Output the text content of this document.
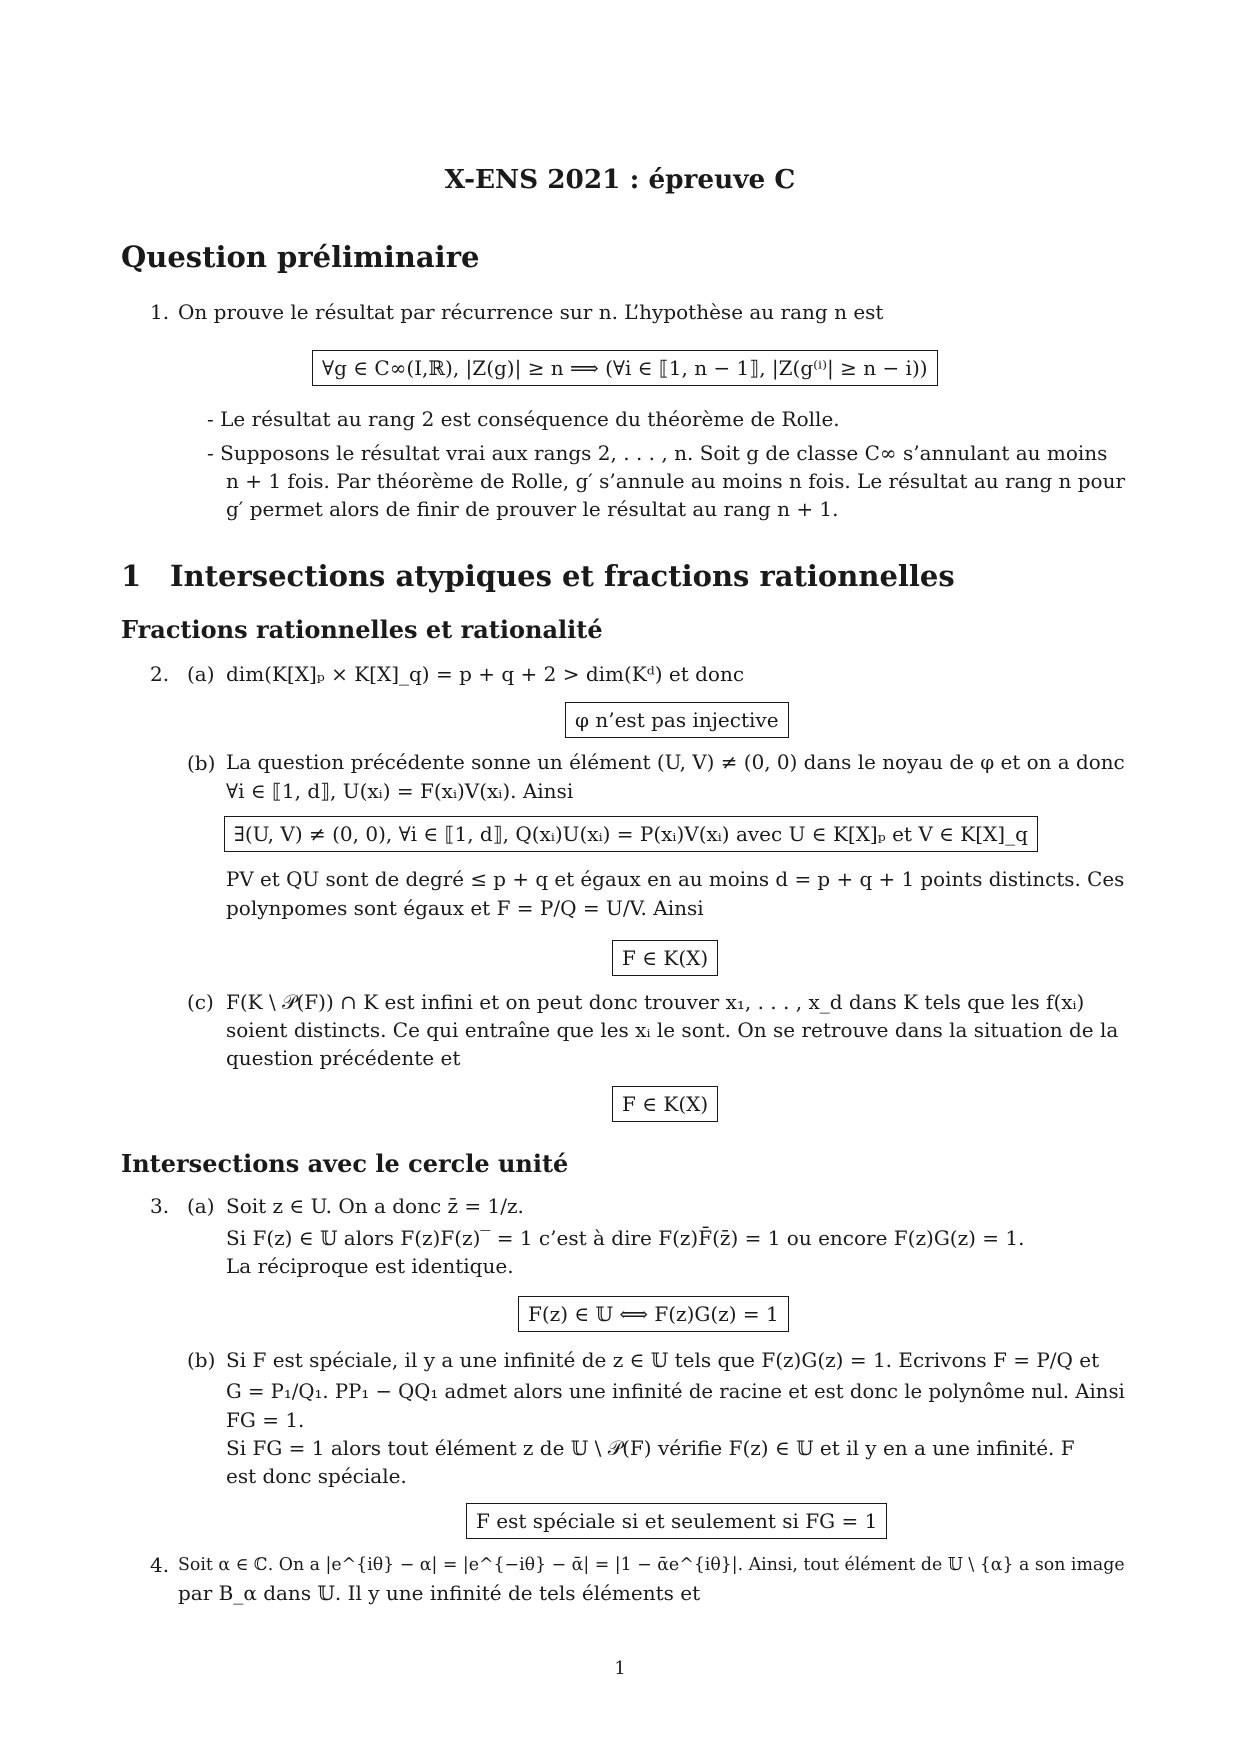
X-ENS 2021 : épreuve C
Question préliminaire
1. On prouve le résultat par récurrence sur n. L’hypothèse au rang n est
∀g ∈ C∞(I,ℝ), |Z(g)| ≥ n ⟹ (∀i ∈ ⟦1, n − 1⟧, |Z(g⁽ⁱ⁾| ≥ n − i))
- Le résultat au rang 2 est conséquence du théorème de Rolle.
- Supposons le résultat vrai aux rangs 2, . . . , n. Soit g de classe C∞ s’annulant au moins
n + 1 fois. Par théorème de Rolle, g′ s’annule au moins n fois. Le résultat au rang n pour
g′ permet alors de finir de prouver le résultat au rang n + 1.
1 Intersections atypiques et fractions rationnelles
Fractions rationnelles et rationalité
2. (a) dim(K[X]ₚ × K[X]_q) = p + q + 2 > dim(Kᵈ) et donc
φ n’est pas injective
(b) La question précédente sonne un élément (U, V) ≠ (0, 0) dans le noyau de φ et on a donc
∀i ∈ ⟦1, d⟧, U(xᵢ) = F(xᵢ)V(xᵢ). Ainsi
∃(U, V) ≠ (0, 0), ∀i ∈ ⟦1, d⟧, Q(xᵢ)U(xᵢ) = P(xᵢ)V(xᵢ) avec U ∈ K[X]ₚ et V ∈ K[X]_q
PV et QU sont de degré ≤ p + q et égaux en au moins d = p + q + 1 points distincts. Ces
polynpomes sont égaux et F = P/Q = U/V. Ainsi
F ∈ K(X)
(c) F(K \ 𝒫(F)) ∩ K est infini et on peut donc trouver x₁, . . . , x_d dans K tels que les f(xᵢ)
soient distincts. Ce qui entraîne que les xᵢ le sont. On se retrouve dans la situation de la
question précédente et
F ∈ K(X)
Intersections avec le cercle unité
3. (a) Soit z ∈ U. On a donc z̄ = 1/z.
Si F(z) ∈ 𝕌 alors F(z)F(z)‾ = 1 c’est à dire F(z)F̄(z̄) = 1 ou encore F(z)G(z) = 1.
La réciproque est identique.
F(z) ∈ 𝕌 ⟺ F(z)G(z) = 1
(b) Si F est spéciale, il y a une infinité de z ∈ 𝕌 tels que F(z)G(z) = 1. Ecrivons F = P/Q et
G = P₁/Q₁. PP₁ − QQ₁ admet alors une infinité de racine et est donc le polynôme nul. Ainsi
FG = 1.
Si FG = 1 alors tout élément z de 𝕌 \ 𝒫(F) vérifie F(z) ∈ 𝕌 et il y en a une infinité. F
est donc spéciale.
F est spéciale si et seulement si FG = 1
4. Soit α ∈ ℂ. On a |e^{iθ} − α| = |e^{−iθ} − ᾱ| = |1 − ᾱe^{iθ}|. Ainsi, tout élément de 𝕌 \ {α} a son image
par B_α dans 𝕌. Il y une infinité de tels éléments et
1
